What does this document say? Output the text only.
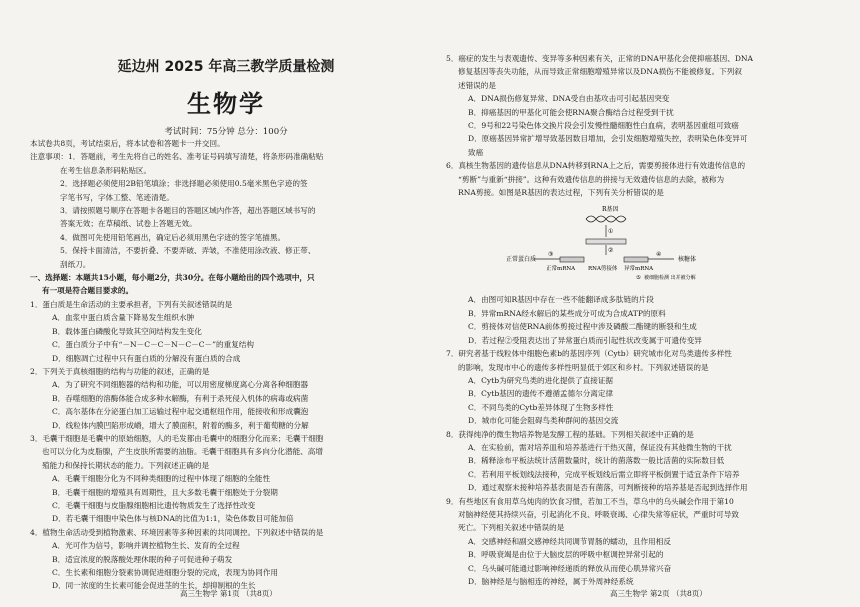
延边州 2025 年高三教学质量检测
生物学
考试时间：75分钟 总分：100分
本试卷共8页，考试结束后，将本试卷和答题卡一并交回。
注意事项：1．答题前，考生先将自己的姓名、准考证号码填写清楚，将条形码准确粘贴
在考生信息条形码粘贴区。
2．选择题必须使用2B铅笔填涂；非选择题必须使用0.5毫米黑色字迹的签
字笔书写，字体工整、笔迹清楚。
3．请按照题号顺序在答题卡各题目的答题区域内作答，超出答题区域书写的
答案无效；在草稿纸、试卷上答题无效。
4．做图可先使用铅笔画出，确定后必须用黑色字迹的签字笔描黑。
5．保持卡面清洁，不要折叠、不要弄破、弄皱，不准使用涂改液、修正带、
刮纸刀。
一、选择题：本题共15小题，每小题2分，共30分。在每小题给出的四个选项中，只
有一项是符合题目要求的。
1．蛋白质是生命活动的主要承担者，下列有关叙述错误的是
A．血浆中蛋白质含量下降易发生组织水肿
B．载体蛋白磷酸化导致其空间结构发生变化
C．蛋白质分子中有“－N－C－C－N－C－C－”的重复结构
D．细胞凋亡过程中只有蛋白质的分解没有蛋白质的合成
2．下列关于真核细胞的结构与功能的叙述，正确的是
A．为了研究不同细胞器的结构和功能，可以用密度梯度离心分离各种细胞器
B．吞噬细胞的溶酶体能合成多种水解酶，有利于杀死侵入机体的病毒或病菌
C．高尔基体在分泌蛋白加工运输过程中起交通枢纽作用，能接收和形成囊泡
D．线粒体内膜凹陷形成嵴，增大了膜面积，附着的酶多，利于葡萄糖的分解
3．毛囊干细胞是毛囊中的原始细胞，人的毛发都由毛囊中的细胞分化而来；毛囊干细胞
也可以分化为皮脂腺，产生皮肤所需要的油脂。毛囊干细胞具有多向分化潜能、高增
殖能力和保持长期状态的能力。下列叙述正确的是
A．毛囊干细胞分化为不同种类细胞的过程中体现了细胞的全能性
B．毛囊干细胞的增殖具有周期性，且大多数毛囊干细胞处于分裂期
C．毛囊干细胞与皮脂腺细胞相比遗传物质发生了选择性改变
D．若毛囊干细胞中染色体与核DNA的比值为1:1，染色体数目可能加倍
4．植物生命活动受到植物激素、环境因素等多种因素的共同调控。下列叙述中错误的是
A．光可作为信号，影响并调控植物生长、发育的全过程
B．适宜浓度的脱落酸处理休眠的种子可促进种子萌发
C．生长素和细胞分裂素协调促进细胞分裂的完成，表现为协同作用
D．同一浓度的生长素可能会促进茎的生长，却抑制根的生长
高三生物学 第1页 （共8页）
5．癌症的发生与表观遗传、变异等多种因素有关，正常的DNA甲基化会使抑癌基因、DNA
修复基因等丧失功能，从而导致正常细胞增殖异常以及DNA损伤不能被修复。下列叙
述错误的是
A．DNA损伤修复异常、DNA受自由基攻击可引起基因突变
B．抑癌基因的甲基化可能会使RNA聚合酶结合过程受到干扰
C．9号和22号染色体交换片段会引发慢性髓细胞性白血病，表明基因重组可致癌
D．原癌基因异常扩增导致基因数目增加，会引发细胞增殖失控，表明染色体变异可
致癌
6．真核生物基因的遗传信息从DNA转移到RNA上之后，需要剪接体进行有效遗传信息的
“剪断”与重新“拼接”。这种有效遗传信息的拼接与无效遗传信息的去除，被称为
RNA剪接。如图是R基因的表达过程，下列有关分析错误的是
R基因
①
②
正常mRNA RNA剪接体 异常mRNA
③
正常蛋白质
④
核糖体
⑤ 被细胞检测 出并被分解
A．由图可知R基因中存在一些不能翻译成多肽链的片段
B．异常mRNA经水解后的某些成分可成为合成ATP的原料
C．剪接体对信使RNA前体剪接过程中涉及磷酸二酯键的断裂和生成
D．若过程②受阻表达出了异常蛋白质而引起性状改变属于可遗传变异
7．研究者基于线粒体中细胞色素b的基因序列（Cytb）研究城市化对鸟类遗传多样性
的影响，发现市中心的遗传多样性明显低于郊区和乡村。下列叙述错误的是
A．Cytb为研究鸟类的进化提供了直接证据
B．Cytb基因的遗传不遵循孟德尔分离定律
C．不同鸟类的Cytb差异体现了生物多样性
D．城市化可能会阻碍鸟类种群间的基因交流
8．获得纯净的微生物培养物是发酵工程的基础。下列相关叙述中正确的是
A．在实验前，需对培养皿和培养基进行干热灭菌，保证没有其他微生物的干扰
B．稀释涂布平板法统计活菌数量时，统计的菌落数一般比活菌的实际数目低
C．若利用平板划线法接种，完成平板划线后需立即将平板倒置于适宜条件下培养
D．通过观察未接种培养基表面是否有菌落，可判断接种的培养基是否起到选择作用
9．有些地区有食用草乌炖肉的饮食习惯，若加工不当，草乌中的乌头碱会作用于第10
对脑神经使其持续兴奋，引起消化不良、呼吸衰竭、心律失常等症状，严重时可导致
死亡。下列相关叙述中错误的是
A．交感神经和副交感神经共同调节胃肠的蠕动，且作用相反
B．呼吸衰竭是由位于大脑皮层的呼吸中枢调控异常引起的
C．乌头碱可能通过影响神经递质的释放从而使心肌异常兴奋
D．脑神经是与脑相连的神经，属于外周神经系统
高三生物学 第2页 （共8页）
